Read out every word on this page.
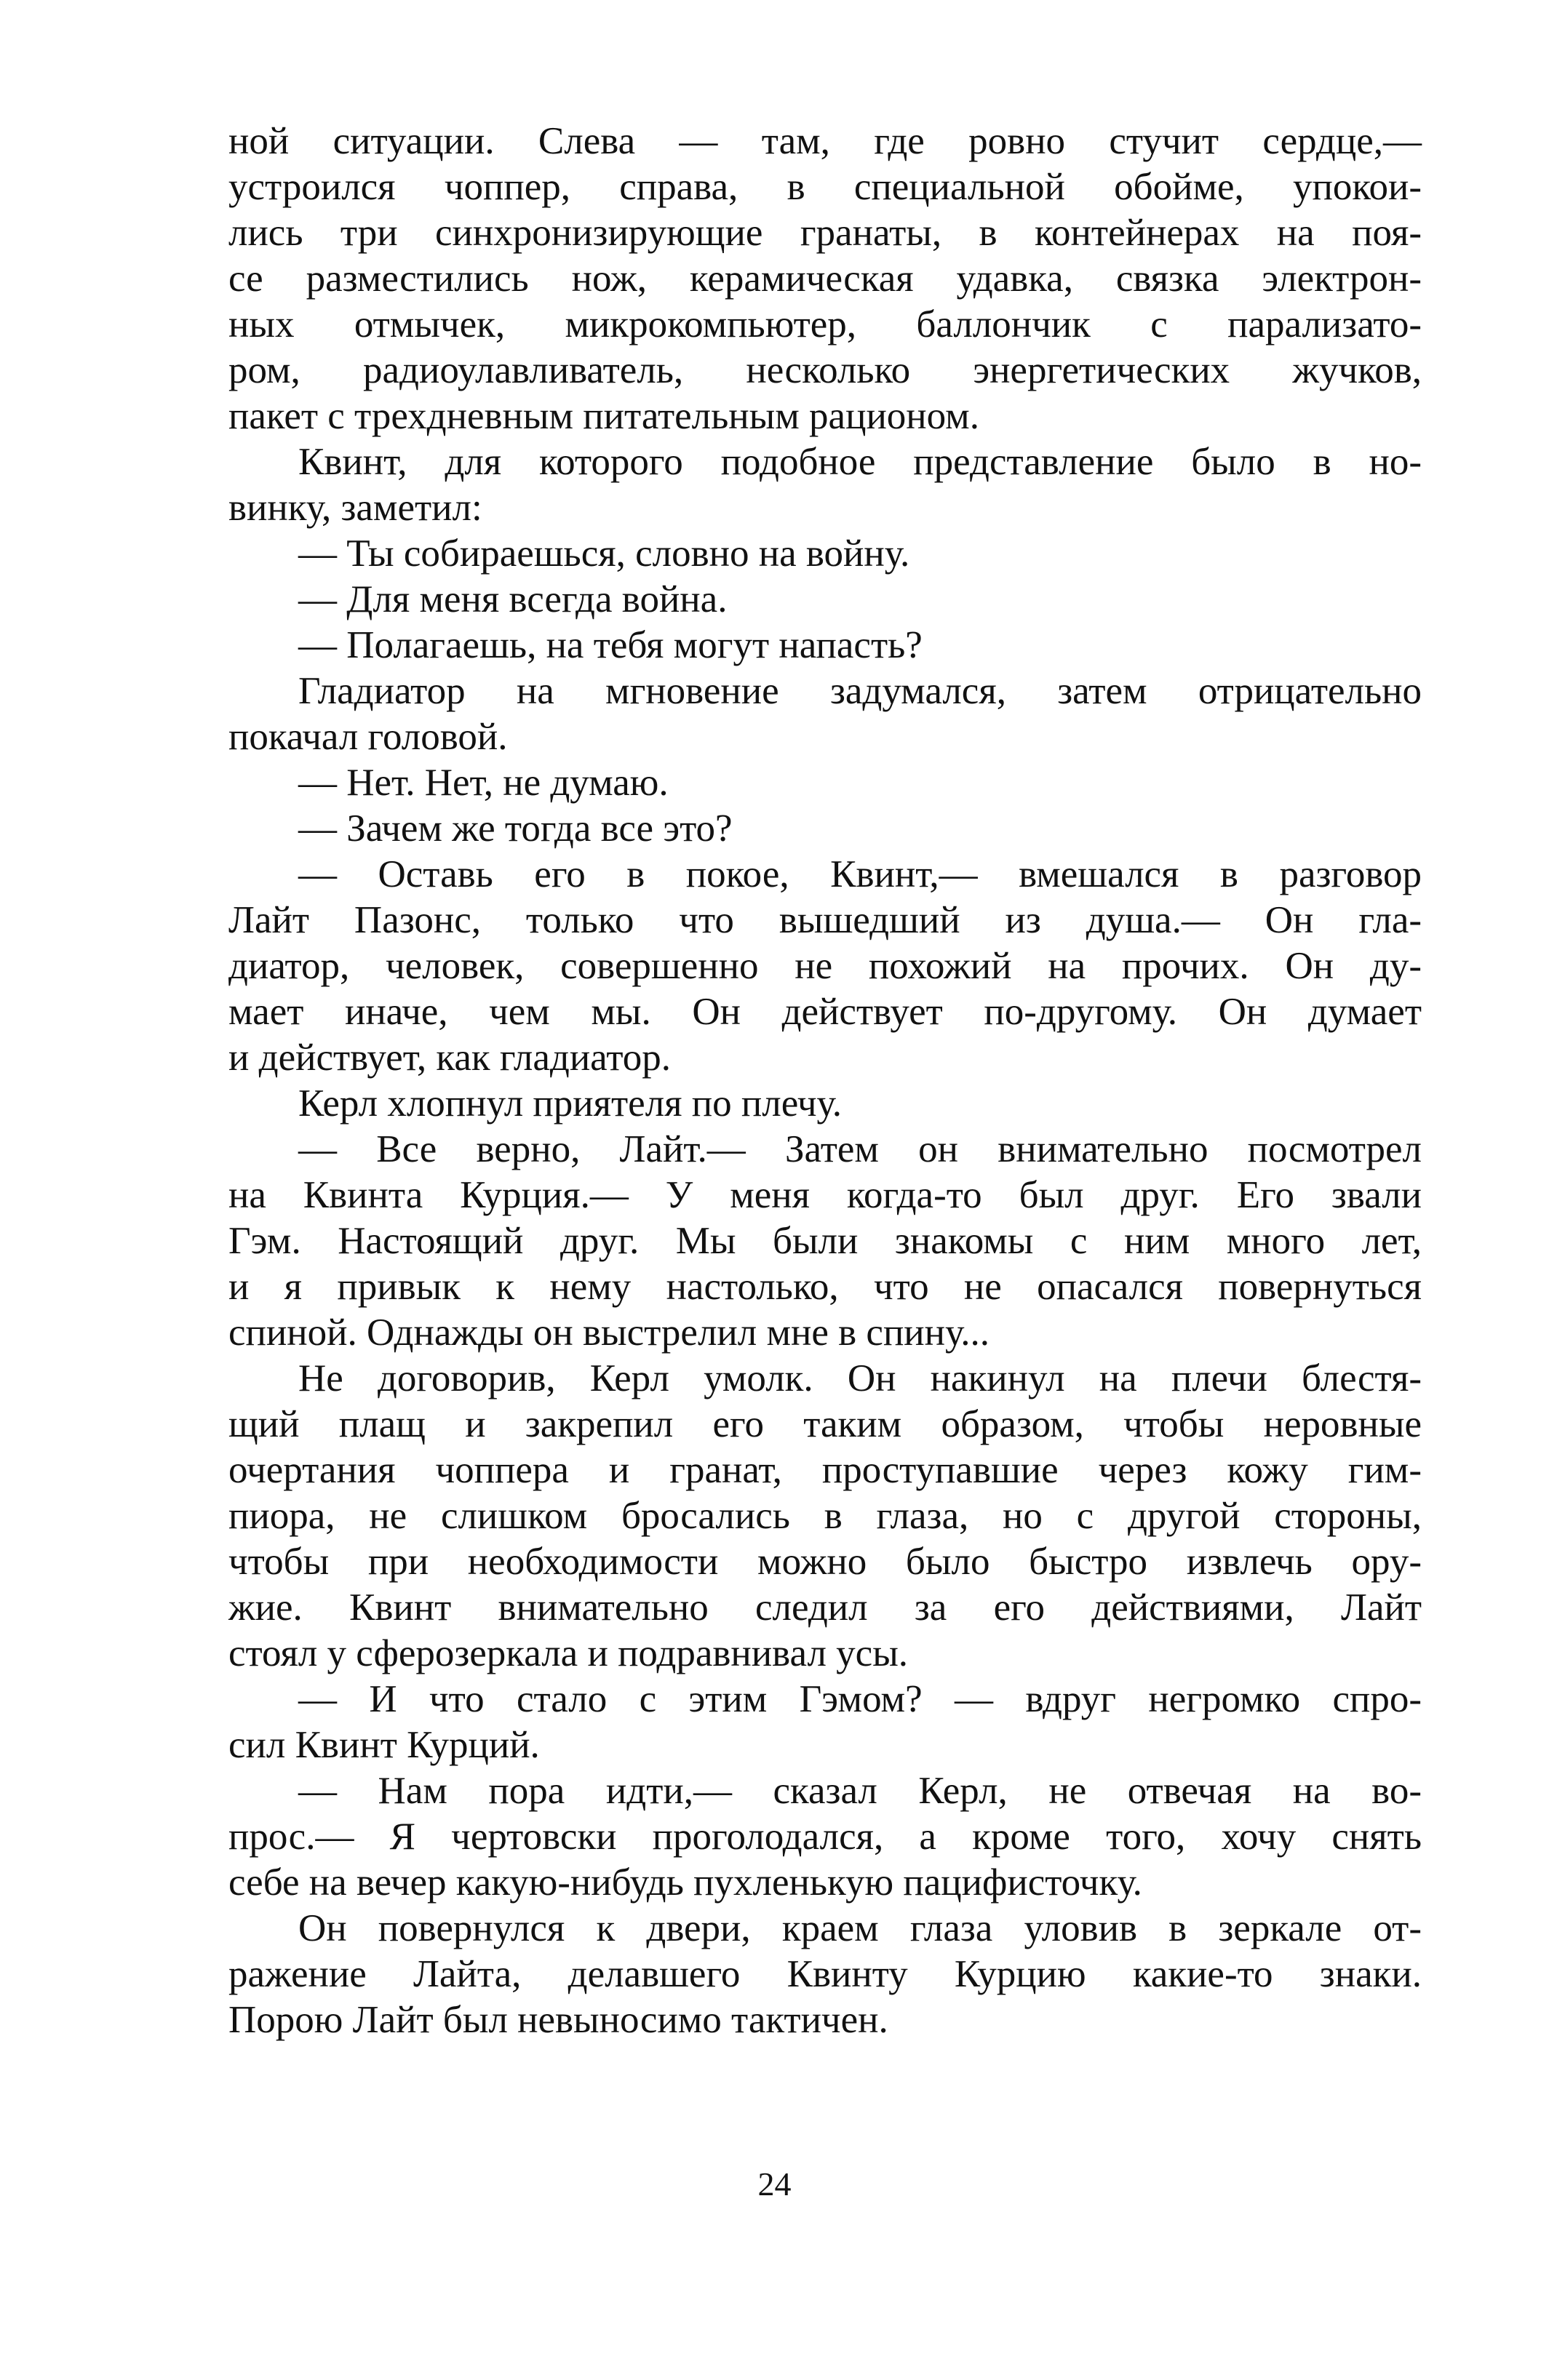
ной ситуации. Слева — там, где ровно стучит сердце,—
устроился чоппер, справа, в специальной обойме, упокои-
лись три синхронизирующие гранаты, в контейнерах на поя-
се разместились нож, керамическая удавка, связка электрон-
ных отмычек, микрокомпьютер, баллончик с парализато-
ром, радиоулавливатель, несколько энергетических жучков,
пакет с трехдневным питательным рационом.
Квинт, для которого подобное представление было в но-
винку, заметил:
— Ты собираешься, словно на войну.
— Для меня всегда война.
— Полагаешь, на тебя могут напасть?
Гладиатор на мгновение задумался, затем отрицательно
покачал головой.
— Нет. Нет, не думаю.
— Зачем же тогда все это?
— Оставь его в покое, Квинт,— вмешался в разговор
Лайт Пазонс, только что вышедший из душа.— Он гла-
диатор, человек, совершенно не похожий на прочих. Он ду-
мает иначе, чем мы. Он действует по-другому. Он думает
и действует, как гладиатор.
Керл хлопнул приятеля по плечу.
— Все верно, Лайт.— Затем он внимательно посмотрел
на Квинта Курция.— У меня когда-то был друг. Его звали
Гэм. Настоящий друг. Мы были знакомы с ним много лет,
и я привык к нему настолько, что не опасался повернуться
спиной. Однажды он выстрелил мне в спину...
Не договорив, Керл умолк. Он накинул на плечи блестя-
щий плащ и закрепил его таким образом, чтобы неровные
очертания чоппера и гранат, проступавшие через кожу гим-
пиора, не слишком бросались в глаза, но с другой стороны,
чтобы при необходимости можно было быстро извлечь ору-
жие. Квинт внимательно следил за его действиями, Лайт
стоял у сферозеркала и подравнивал усы.
— И что стало с этим Гэмом? — вдруг негромко спро-
сил Квинт Курций.
— Нам пора идти,— сказал Керл, не отвечая на во-
прос.— Я чертовски проголодался, а кроме того, хочу снять
себе на вечер какую-нибудь пухленькую пацифисточку.
Он повернулся к двери, краем глаза уловив в зеркале от-
ражение Лайта, делавшего Квинту Курцию какие-то знаки.
Порою Лайт был невыносимо тактичен.
24
